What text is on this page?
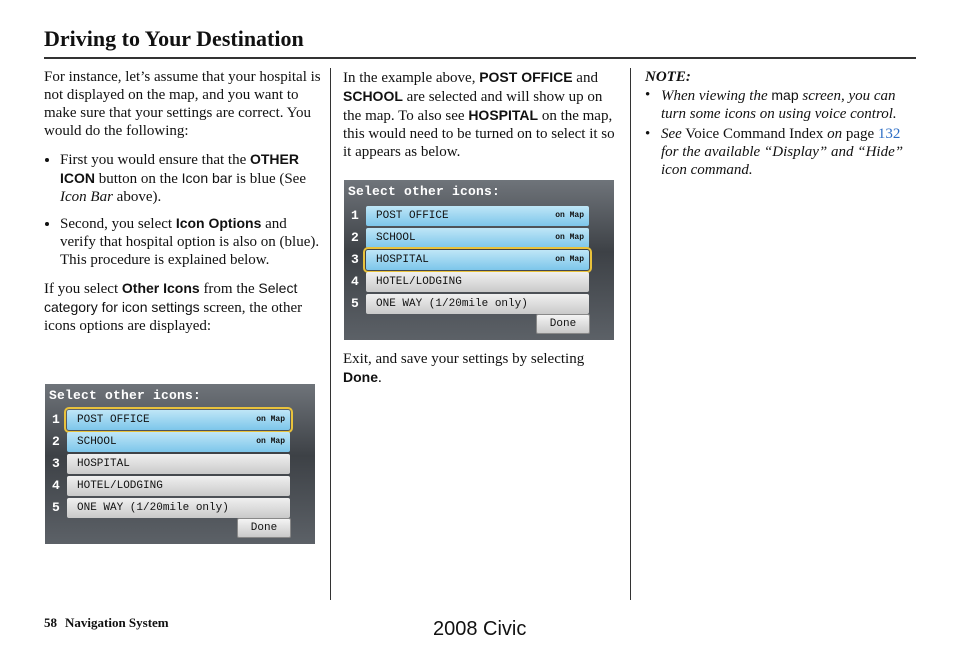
Driving to Your Destination

For instance, let’s assume that your hospital is not displayed on the map, and you want to make sure that your settings are correct. You would do the following:

• First you would ensure that the OTHER ICON button on the Icon bar is blue (See Icon Bar above).
• Second, you select Icon Options and verify that hospital option is also on (blue). This procedure is explained below.

If you select Other Icons from the Select category for icon settings screen, the other icons options are displayed:

Select other icons:
1 POST OFFICE	on Map
2 SCHOOL	on Map
3 HOSPITAL
4 HOTEL/LODGING
5 ONE WAY (1/20mile only)
Done

In the example above, POST OFFICE and SCHOOL are selected and will show up on the map. To also see HOSPITAL on the map, this would need to be turned on to select it so it appears as below.

Select other icons:
1 POST OFFICE	on Map
2 SCHOOL	on Map
3 HOSPITAL	on Map
4 HOTEL/LODGING
5 ONE WAY (1/20mile only)
Done

Exit, and save your settings by selecting Done.

NOTE:
• When viewing the map screen, you can turn some icons on using voice control.
• See Voice Command Index on page 132 for the available “Display” and “Hide” icon command.
58 Navigation System	2008 Civic
